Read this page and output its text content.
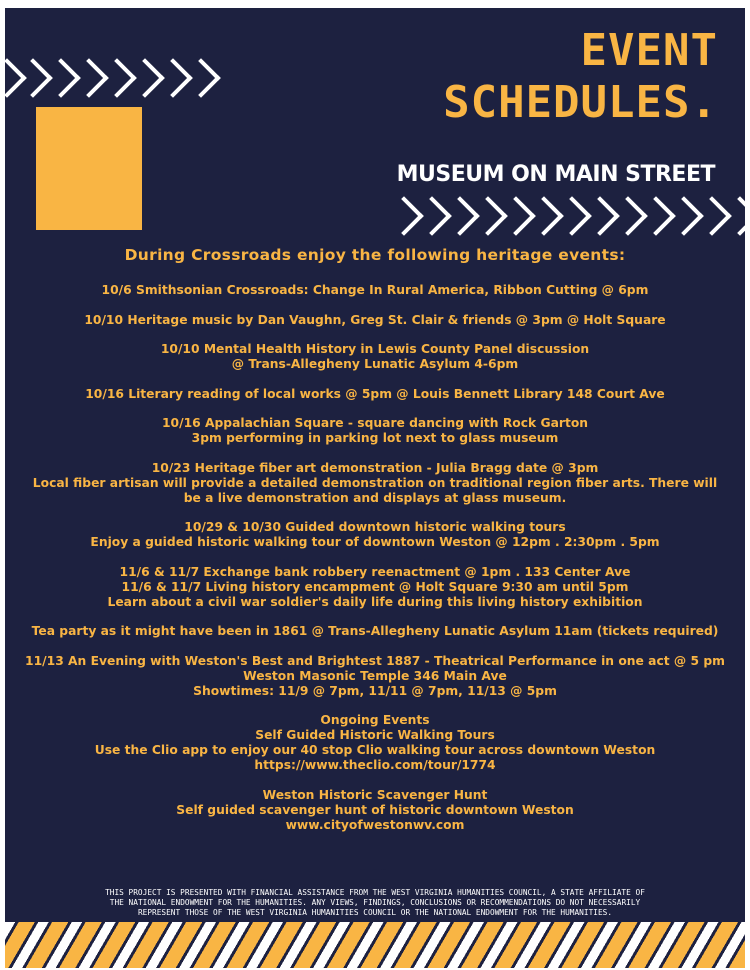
EVENT
SCHEDULES.
MUSEUM ON MAIN STREET
During Crossroads enjoy the following heritage events:
10/6 Smithsonian Crossroads: Change In Rural America, Ribbon Cutting @ 6pm
10/10 Heritage music by Dan Vaughn, Greg St. Clair & friends @ 3pm @ Holt Square
10/10 Mental Health History in Lewis County Panel discussion
@ Trans-Allegheny Lunatic Asylum 4-6pm
10/16 Literary reading of local works @ 5pm @ Louis Bennett Library 148 Court Ave
10/16 Appalachian Square - square dancing with Rock Garton
3pm performing in parking lot next to glass museum
10/23 Heritage fiber art demonstration - Julia Bragg date @ 3pm
Local fiber artisan will provide a detailed demonstration on traditional region fiber arts. There will
be a live demonstration and displays at glass museum.
10/29 & 10/30 Guided downtown historic walking tours
Enjoy a guided historic walking tour of downtown Weston @ 12pm . 2:30pm . 5pm
11/6 & 11/7 Exchange bank robbery reenactment @ 1pm . 133 Center Ave
11/6 & 11/7 Living history encampment @ Holt Square 9:30 am until 5pm
Learn about a civil war soldier's daily life during this living history exhibition
Tea party as it might have been in 1861 @ Trans-Allegheny Lunatic Asylum 11am (tickets required)
11/13 An Evening with Weston's Best and Brightest 1887 - Theatrical Performance in one act @ 5 pm
Weston Masonic Temple 346 Main Ave
Showtimes: 11/9 @ 7pm, 11/11 @ 7pm, 11/13 @ 5pm
Ongoing Events
Self Guided Historic Walking Tours
Use the Clio app to enjoy our 40 stop Clio walking tour across downtown Weston
https://www.theclio.com/tour/1774
Weston Historic Scavenger Hunt
Self guided scavenger hunt of historic downtown Weston
www.cityofwestonwv.com
THIS PROJECT IS PRESENTED WITH FINANCIAL ASSISTANCE FROM THE WEST VIRGINIA HUMANITIES COUNCIL, A STATE AFFILIATE OF
THE NATIONAL ENDOWMENT FOR THE HUMANITIES. ANY VIEWS, FINDINGS, CONCLUSIONS OR RECOMMENDATIONS DO NOT NECESSARILY
REPRESENT THOSE OF THE WEST VIRGINIA HUMANITIES COUNCIL OR THE NATIONAL ENDOWMENT FOR THE HUMANITIES.
